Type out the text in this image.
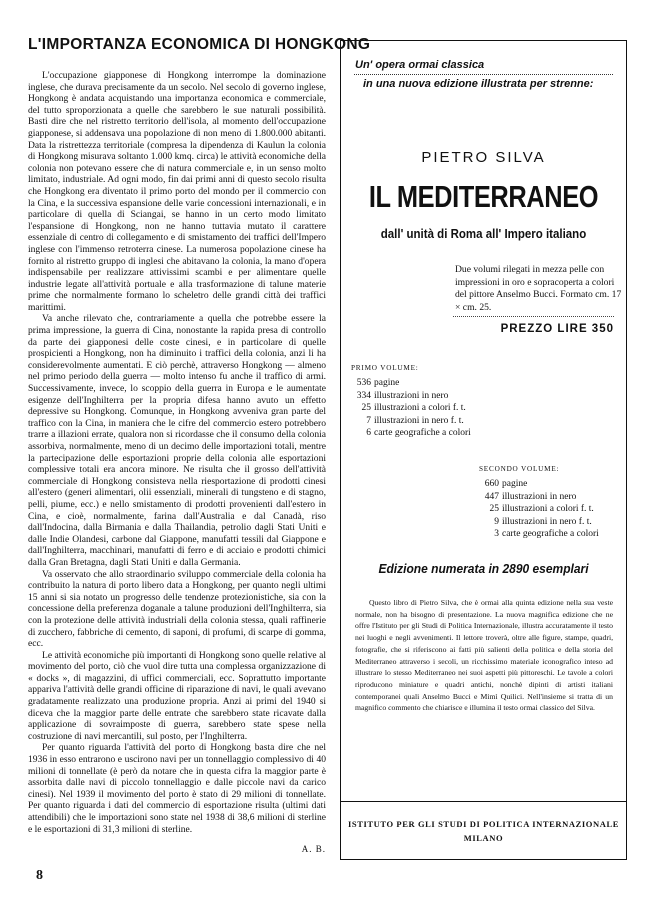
L'IMPORTANZA ECONOMICA DI HONGKONG

L'occupazione giapponese di Hongkong interrompe la dominazione inglese, che durava precisamente da un secolo. Nel secolo di governo inglese, Hongkong è andata acquistando una importanza economica e commerciale, del tutto sproporzionata a quelle che sarebbero le sue naturali possibilità. Basti dire che nel ristretto territorio dell'isola, al momento dell'occupazione giapponese, si addensava una popolazione di non meno di 1.800.000 abitanti. Data la ristrettezza territoriale (compresa la dipendenza di Kaulun la colonia di Hongkong misurava soltanto 1.000 kmq. circa) le attività economiche della colonia non potevano essere che di natura commerciale e, in un senso molto limitato, industriale. Ad ogni modo, fin dai primi anni di questo secolo risulta che Hongkong era diventato il primo porto del mondo per il commercio con la Cina, e la successiva espansione delle varie concessioni internazionali, e in particolare di quella di Sciangai, se hanno in un certo modo limitato l'espansione di Hongkong, non ne hanno tuttavia mutato il carattere essenziale di centro di collegamento e di smistamento dei traffici dell'Impero inglese con l'immenso retroterra cinese. La numerosa popolazione cinese ha fornito al ristretto gruppo di inglesi che abitavano la colonia, la mano d'opera indispensabile per realizzare attivissimi scambi e per alimentare quelle industrie legate all'attività portuale e alla trasformazione di talune materie prime che normalmente formano lo scheletro delle grandi città dei traffici marittimi.

Va anche rilevato che, contrariamente a quella che potrebbe essere la prima impressione, la guerra di Cina, nonostante la rapida presa di controllo da parte dei giapponesi delle coste cinesi, e in particolare di quelle prospicienti a Hongkong, non ha diminuito i traffici della colonia, anzi li ha considerevolmente aumentati. E ciò perchè, attraverso Hongkong — almeno nel primo periodo della guerra — molto intenso fu anche il traffico di armi. Successivamente, invece, lo scoppio della guerra in Europa e le aumentate esigenze dell'Inghilterra per la propria difesa hanno avuto un effetto depressive su Hongkong. Comunque, in Hongkong avveniva gran parte del traffico con la Cina, in maniera che le cifre del commercio estero potrebbero trarre a illazioni errate, qualora non si ricordasse che il consumo della colonia assorbiva, normalmente, meno di un decimo delle importazioni totali, mentre la partecipazione delle esportazioni proprie della colonia alle esportazioni complessive totali era ancora minore. Ne risulta che il grosso dell'attività commerciale di Hongkong consisteva nella riesportazione di prodotti cinesi all'estero (generi alimentari, olii essenziali, minerali di tungsteno e di stagno, pelli, piume, ecc.) e nello smistamento di prodotti provenienti dall'estero in Cina, e cioè, normalmente, farina dall'Australia e dal Canadà, riso dall'Indocina, dalla Birmania e dalla Thailandia, petrolio dagli Stati Uniti e dalle Indie Olandesi, carbone dal Giappone, manufatti tessili dal Giappone e dall'Inghilterra, macchinari, manufatti di ferro e di acciaio e prodotti chimici dalla Gran Bretagna, dagli Stati Uniti e dalla Germania.

Va osservato che allo straordinario sviluppo commerciale della colonia ha contribuito la natura di porto libero data a Hongkong, per quanto negli ultimi 15 anni si sia notato un progresso delle tendenze protezionistiche, sia con la concessione della preferenza doganale a talune produzioni dell'Inghilterra, sia con la protezione delle attività industriali della colonia stessa, quali raffinerie di zucchero, fabbriche di cemento, di saponi, di profumi, di scarpe di gomma, ecc.

Le attività economiche più importanti di Hongkong sono quelle relative al movimento del porto, ciò che vuol dire tutta una complessa organizzazione di « docks », di magazzini, di uffici commerciali, ecc. Soprattutto importante appariva l'attività delle grandi officine di riparazione di navi, le quali avevano gradatamente realizzato una produzione propria. Anzi ai primi del 1940 si diceva che la maggior parte delle entrate che sarebbero state ricavate dalla applicazione di sovraimposte di guerra, sarebbero state spese nella costruzione di navi mercantili, sul posto, per l'Inghilterra.

Per quanto riguarda l'attività del porto di Hongkong basta dire che nel 1936 in esso entrarono e uscirono navi per un tonnellaggio complessivo di 40 milioni di tonnellate (è però da notare che in questa cifra la maggior parte è assorbita dalle navi di piccolo tonnellaggio e dalle piccole navi da carico cinesi). Nel 1939 il movimento del porto è stato di 29 milioni di tonnellate. Per quanto riguarda i dati del commercio di esportazione risulta (ultimi dati attendibili) che le importazioni sono state nel 1938 di 38,6 milioni di sterline e le esportazioni di 31,3 milioni di sterline.

A. B.
8
Un' opera ormai classica
in una nuova edizione illustrata per strenne:
PIETRO SILVA
IL MEDITERRANEO
dall' unità di Roma all' Impero italiano
Due volumi rilegati in mezza pelle con impressioni in oro e sopracoperta a colori del pittore Anselmo Bucci. Formato cm. 17 × cm. 25.
PREZZO LIRE 350
PRIMO VOLUME:
536 pagine
334 illustrazioni in nero
25 illustrazioni a colori f. t.
7 illustrazioni in nero f. t.
6 carte geografiche a colori
SECONDO VOLUME:
660 pagine
447 illustrazioni in nero
25 illustrazioni a colori f. t.
9 illustrazioni in nero f. t.
3 carte geografiche a colori
Edizione numerata in 2890 esemplari

Questo libro di Pietro Silva, che è ormai alla quinta edizione nella sua veste normale, non ha bisogno di presentazione. La nuova magnifica edizione che ne offre l'Istituto per gli Studi di Politica Internazionale, illustra accuratamente il testo nei luoghi e negli avvenimenti. Il lettore troverà, oltre alle figure, stampe, quadri, fotografie, che si riferiscono ai fatti più salienti della politica e della storia del Mediterraneo attraverso i secoli, un ricchissimo materiale iconografico inteso ad illustrare lo stesso Mediterraneo nei suoi aspetti più pittoreschi. Le tavole a colori riproducono miniature e quadri antichi, nonchè dipinti di artisti italiani contemporanei quali Anselmo Bucci e Mimì Quilici. Nell'insieme si tratta di un magnifico commento che chiarisce e illumina il testo ormai classico del Silva.

ISTITUTO PER GLI STUDI DI POLITICA INTERNAZIONALE
MILANO
